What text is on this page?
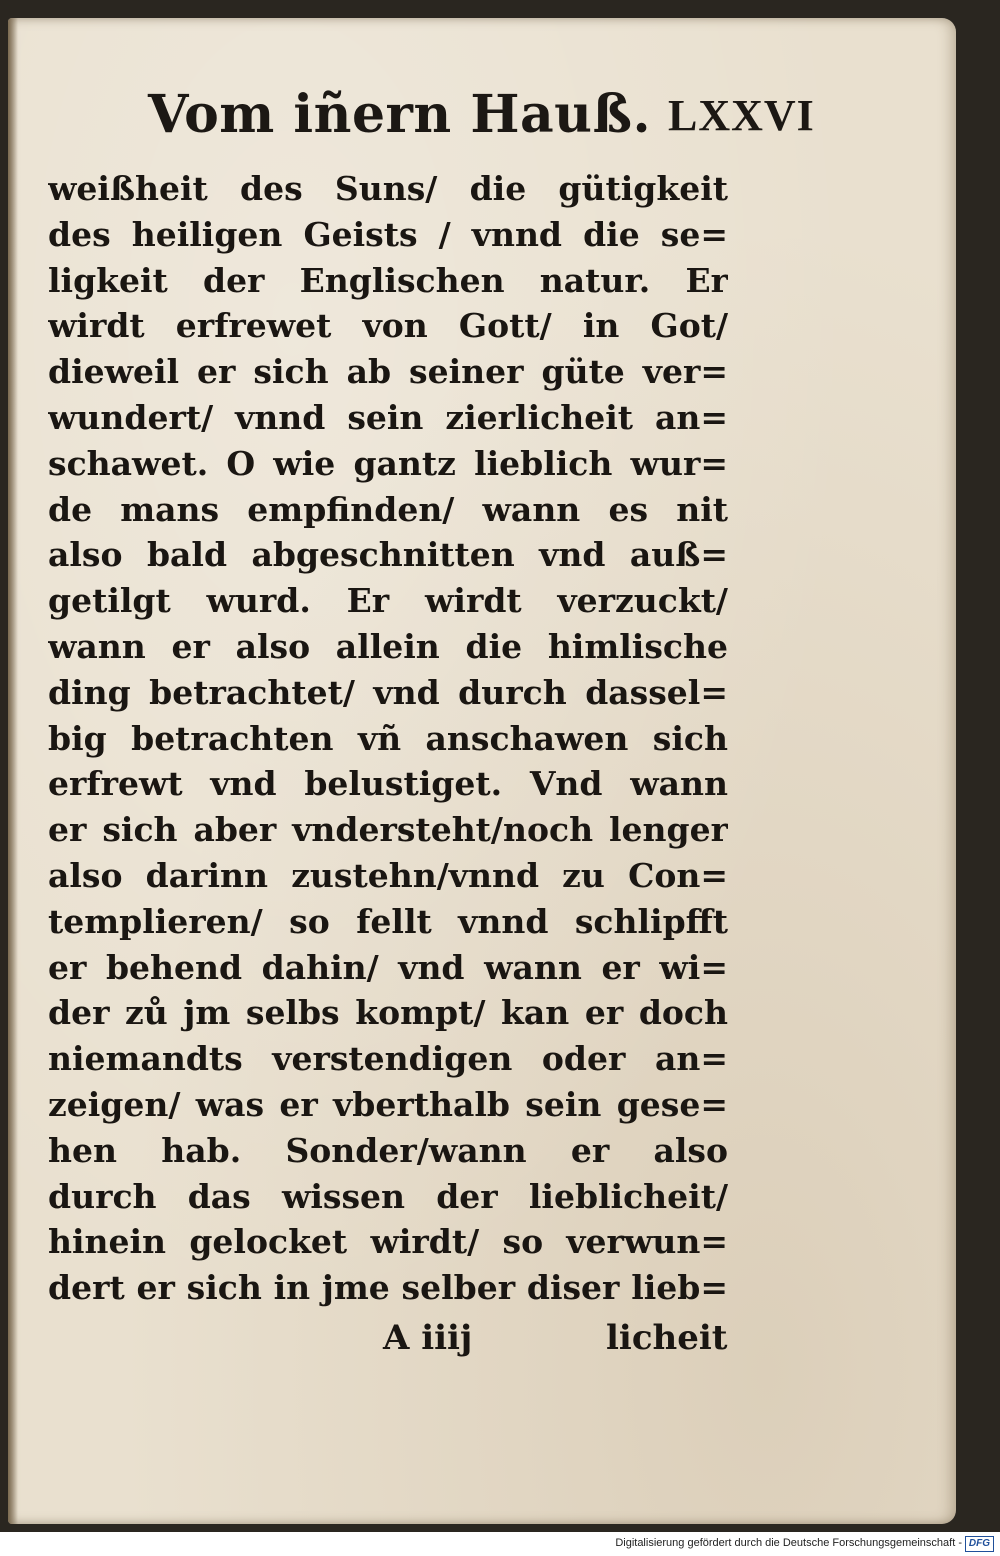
Vom iñern Hauß. LXXVI
weißheit des Suns/ die gütigkeit
des heiligen Geists / vnnd die se=
ligkeit der Englischen natur. Er
wirdt erfrewet von Gott/ in Got/
dieweil er sich ab seiner güte ver=
wundert/ vnnd sein zierlicheit an=
schawet. O wie gantz lieblich wur=
de mans empfinden/ wann es nit
also bald abgeschnitten vnd auß=
getilgt wurd. Er wirdt verzuckt/
wann er also allein die himlische
ding betrachtet/ vnd durch dassel=
big betrachten vñ anschawen sich
erfrewt vnd belustiget. Vnd wann
er sich aber vndersteht/noch lenger
also darinn zustehn/vnnd zu Con=
templieren/ so fellt vnnd schlipfft
er behend dahin/ vnd wann er wi=
der zů jm selbs kompt/ kan er doch
niemandts verstendigen oder an=
zeigen/ was er vberthalb sein gese=
hen hab. Sonder/wann er also
durch das wissen der lieblicheit/
hinein gelocket wirdt/ so verwun=
dert er sich in jme selber diser lieb=
A iiij	licheit
Digitalisierung gefördert durch die Deutsche Forschungsgemeinschaft - DFG
